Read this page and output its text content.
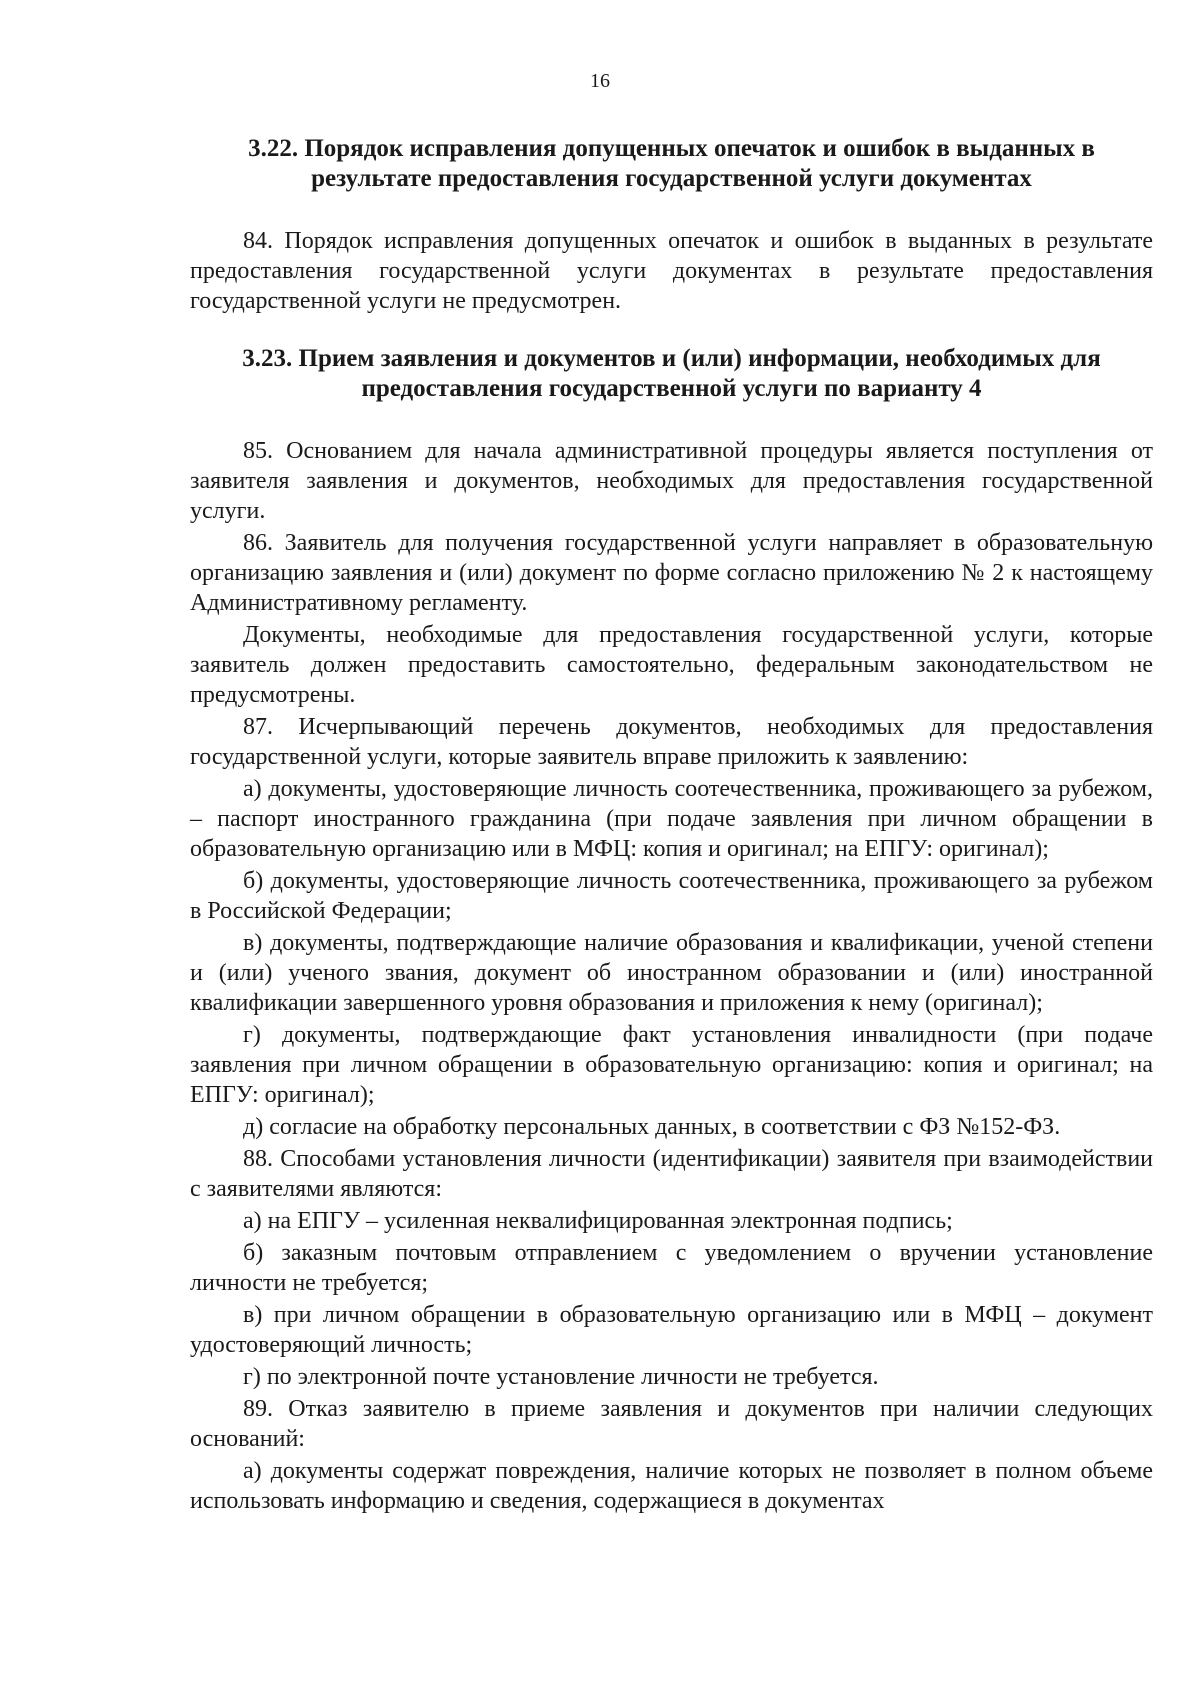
16
3.22. Порядок исправления допущенных опечаток и ошибок в выданных в результате предоставления государственной услуги документах

84. Порядок исправления допущенных опечаток и ошибок в выданных в результате предоставления государственной услуги документах в результате предоставления государственной услуги не предусмотрен.

3.23. Прием заявления и документов и (или) информации, необходимых для предоставления государственной услуги по варианту 4

85. Основанием для начала административной процедуры является поступления от заявителя заявления и документов, необходимых для предоставления государственной услуги.

86. Заявитель для получения государственной услуги направляет в образовательную организацию заявления и (или) документ по форме согласно приложению № 2 к настоящему Административному регламенту.

Документы, необходимые для предоставления государственной услуги, которые заявитель должен предоставить самостоятельно, федеральным законодательством не предусмотрены.

87. Исчерпывающий перечень документов, необходимых для предоставления государственной услуги, которые заявитель вправе приложить к заявлению:

а) документы, удостоверяющие личность соотечественника, проживающего за рубежом, – паспорт иностранного гражданина (при подаче заявления при личном обращении в образовательную организацию или в МФЦ: копия и оригинал; на ЕПГУ: оригинал);

б) документы, удостоверяющие личность соотечественника, проживающего за рубежом в Российской Федерации;

в) документы, подтверждающие наличие образования и квалификации, ученой степени и (или) ученого звания, документ об иностранном образовании и (или) иностранной квалификации завершенного уровня образования и приложения к нему (оригинал);

г) документы, подтверждающие факт установления инвалидности (при подаче заявления при личном обращении в образовательную организацию: копия и оригинал; на ЕПГУ: оригинал);

д) согласие на обработку персональных данных, в соответствии с ФЗ №152-ФЗ.

88. Способами установления личности (идентификации) заявителя при взаимодействии с заявителями являются:

а) на ЕПГУ – усиленная неквалифицированная электронная подпись;

б) заказным почтовым отправлением с уведомлением о вручении установление личности не требуется;

в) при личном обращении в образовательную организацию или в МФЦ – документ удостоверяющий личность;

г) по электронной почте установление личности не требуется.

89. Отказ заявителю в приеме заявления и документов при наличии следующих оснований:

а) документы содержат повреждения, наличие которых не позволяет в полном объеме использовать информацию и сведения, содержащиеся в документах
